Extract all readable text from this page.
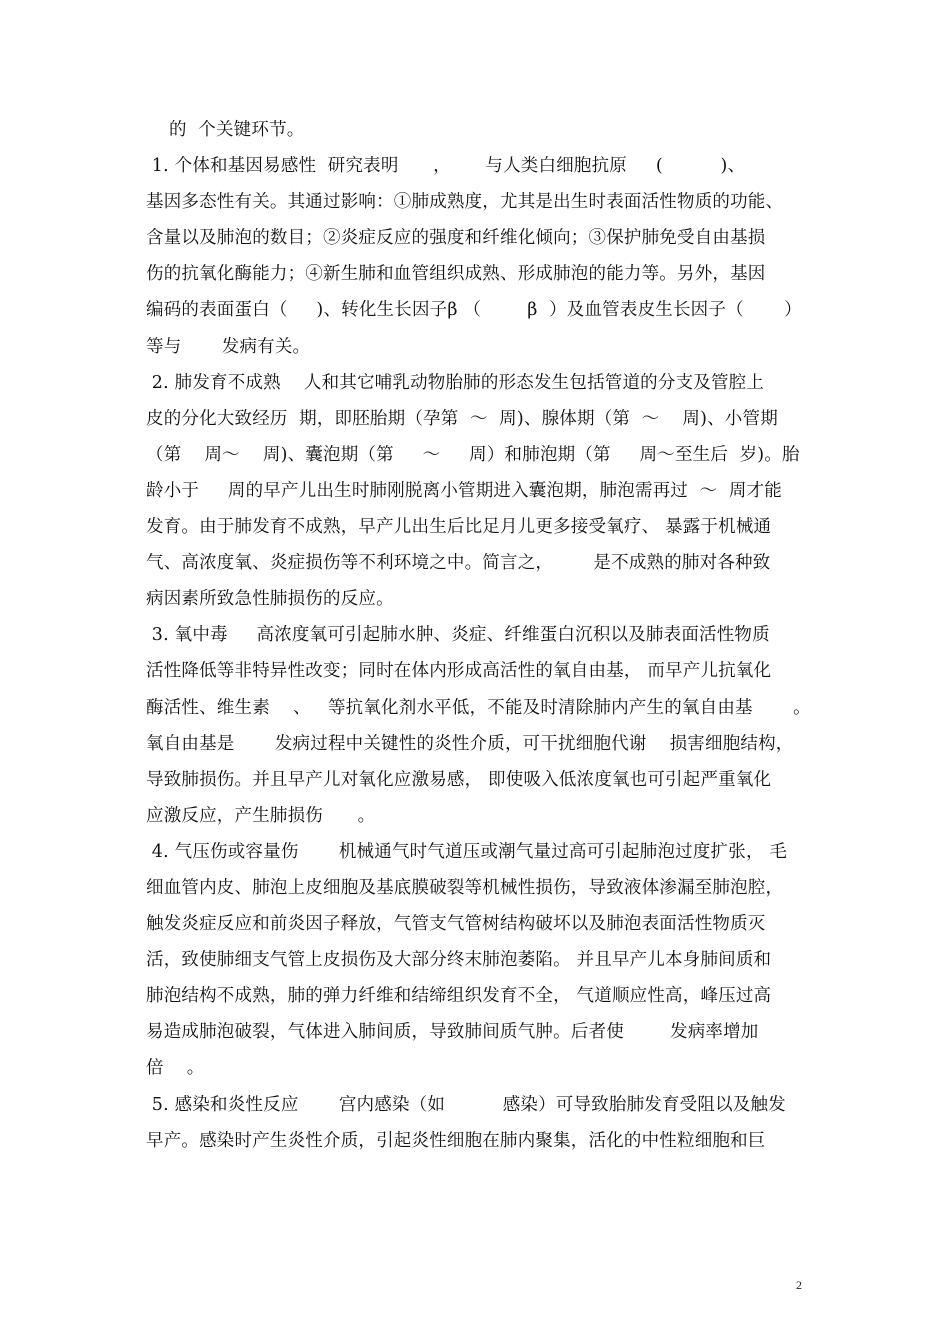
的  个关键环节。
1. 个体和基因易感性  研究表明      ，      与人类白细胞抗原     (          )、
基因多态性有关。其通过影响：①肺成熟度，尤其是出生时表面活性物质的功能、
含量以及肺泡的数目；②炎症反应的强度和纤维化倾向；③保护肺免受自由基损
伤的抗氧化酶能力；④新生肺和血管组织成熟、形成肺泡的能力等。另外，基因
编码的表面蛋白（     )、转化生长因子β （        β  ）及血管表皮生长因子（       ）
等与       发病有关。
2. 肺发育不成熟    人和其它哺乳动物胎肺的形态发生包括管道的分支及管腔上
皮的分化大致经历  期，即胚胎期（孕第  ～  周)、腺体期（第  ～    周)、小管期
（第    周～    周)、囊泡期（第     ～     周）和肺泡期（第     周～至生后  岁)。胎
龄小于     周的早产儿出生时肺刚脱离小管期进入囊泡期，肺泡需再过  ～  周才能
发育。由于肺发育不成熟，早产儿出生后比足月儿更多接受氧疗、 暴露于机械通
气、高浓度氧、炎症损伤等不利环境之中。简言之，       是不成熟的肺对各种致
病因素所致急性肺损伤的反应。
3. 氧中毒     高浓度氧可引起肺水肿、炎症、纤维蛋白沉积以及肺表面活性物质
活性降低等非特异性改变；同时在体内形成高活性的氧自由基， 而早产儿抗氧化
酶活性、维生素    、   等抗氧化剂水平低，不能及时清除肺内产生的氧自由基       。
氧自由基是       发病过程中关键性的炎性介质，可干扰细胞代谢    损害细胞结构，
导致肺损伤。并且早产儿对氧化应激易感， 即使吸入低浓度氧也可引起严重氧化
应激反应，产生肺损伤      。
4. 气压伤或容量伤       机械通气时气道压或潮气量过高可引起肺泡过度扩张， 毛
细血管内皮、肺泡上皮细胞及基底膜破裂等机械性损伤，导致液体渗漏至肺泡腔，
触发炎症反应和前炎因子释放，气管支气管树结构破坏以及肺泡表面活性物质灭
活，致使肺细支气管上皮损伤及大部分终末肺泡萎陷。 并且早产儿本身肺间质和
肺泡结构不成熟，肺的弹力纤维和结缔组织发育不全， 气道顺应性高，峰压过高
易造成肺泡破裂，气体进入肺间质，导致肺间质气肿。后者使        发病率增加
倍    。
5. 感染和炎性反应       宫内感染（如          感染）可导致胎肺发育受阻以及触发
早产。感染时产生炎性介质，引起炎性细胞在肺内聚集，活化的中性粒细胞和巨
2
